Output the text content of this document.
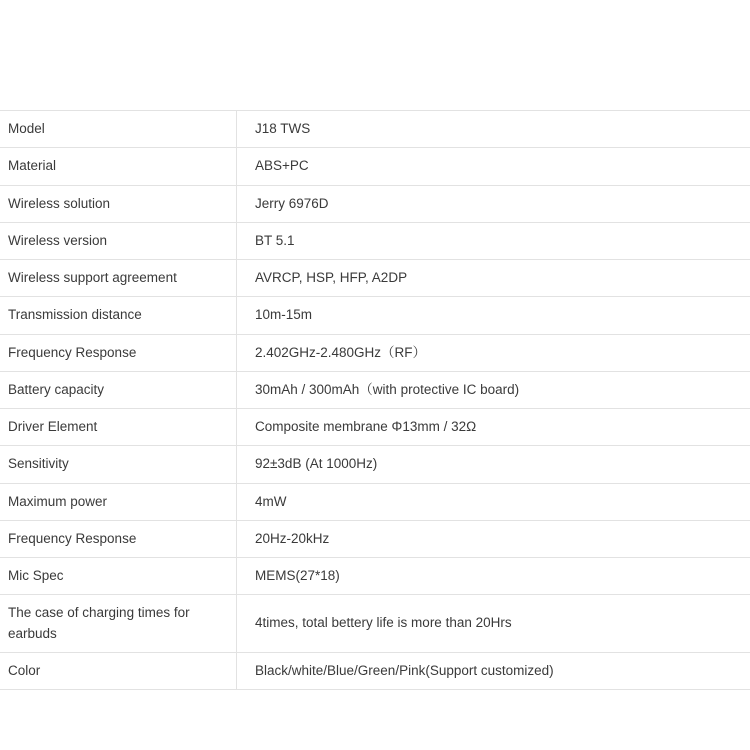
Model	J18 TWS
Material	ABS+PC
Wireless solution	Jerry 6976D
Wireless version	BT 5.1
Wireless support agreement	AVRCP, HSP, HFP, A2DP
Transmission distance	10m-15m
Frequency Response	2.402GHz-2.480GHz（RF）
Battery capacity	30mAh / 300mAh（with protective IC board)
Driver Element	Composite membrane Φ13mm / 32Ω
Sensitivity	92±3dB (At 1000Hz)
Maximum power	4mW
Frequency Response	20Hz-20kHz
Mic Spec	MEMS(27*18)
The case of charging times for earbuds	4times, total bettery life is more than 20Hrs
Color	Black/white/Blue/Green/Pink(Support customized)
